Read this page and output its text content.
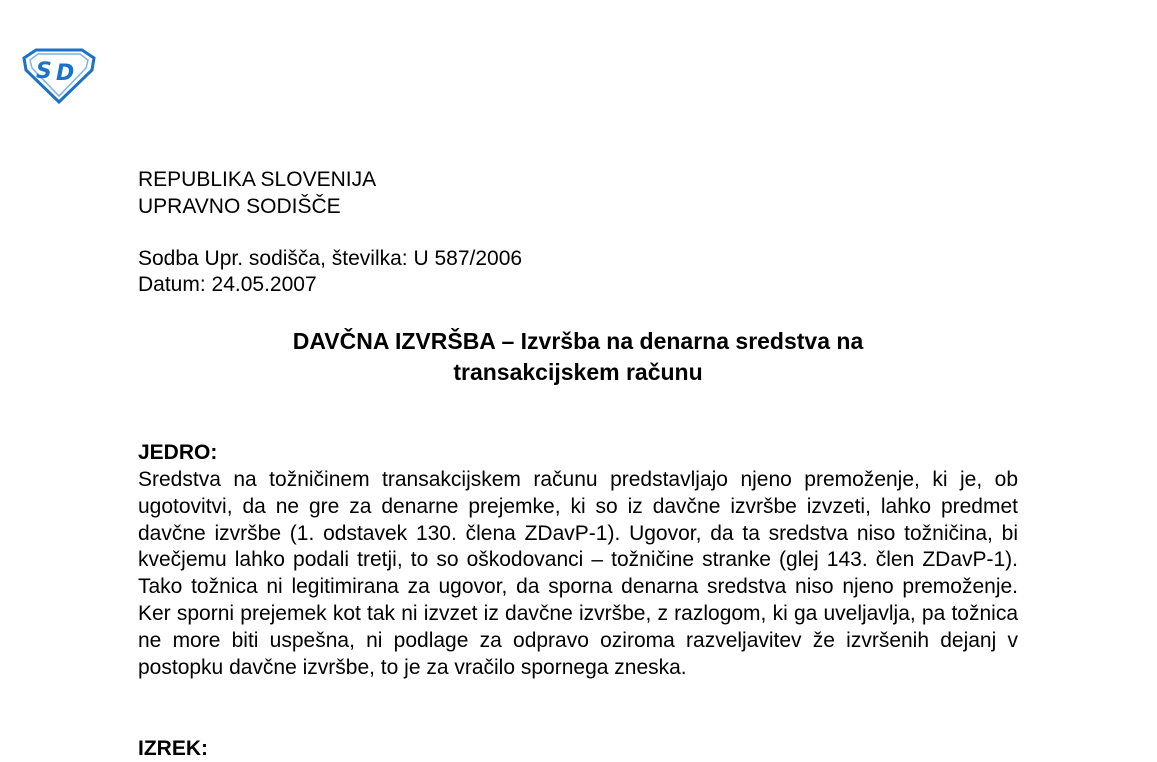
S D
REPUBLIKA SLOVENIJA
UPRAVNO SODIŠČE
Sodba Upr. sodišča, številka: U 587/2006
Datum: 24.05.2007
DAVČNA IZVRŠBA – Izvršba na denarna sredstva na
transakcijskem računu
JEDRO:
Sredstva na tožničinem transakcijskem računu predstavljajo njeno premoženje, ki je, ob ugotovitvi, da ne gre za denarne prejemke, ki so iz davčne izvršbe izvzeti, lahko predmet davčne izvršbe (1. odstavek 130. člena ZDavP-1). Ugovor, da ta sredstva niso tožničina, bi kvečjemu lahko podali tretji, to so oškodovanci – tožničine stranke (glej 143. člen ZDavP-1). Tako tožnica ni legitimirana za ugovor, da sporna denarna sredstva niso njeno premoženje. Ker sporni prejemek kot tak ni izvzet iz davčne izvršbe, z razlogom, ki ga uveljavlja, pa tožnica ne more biti uspešna, ni podlage za odpravo oziroma razveljavitev že izvršenih dejanj v postopku davčne izvršbe, to je za vračilo spornega zneska.
IZREK:
